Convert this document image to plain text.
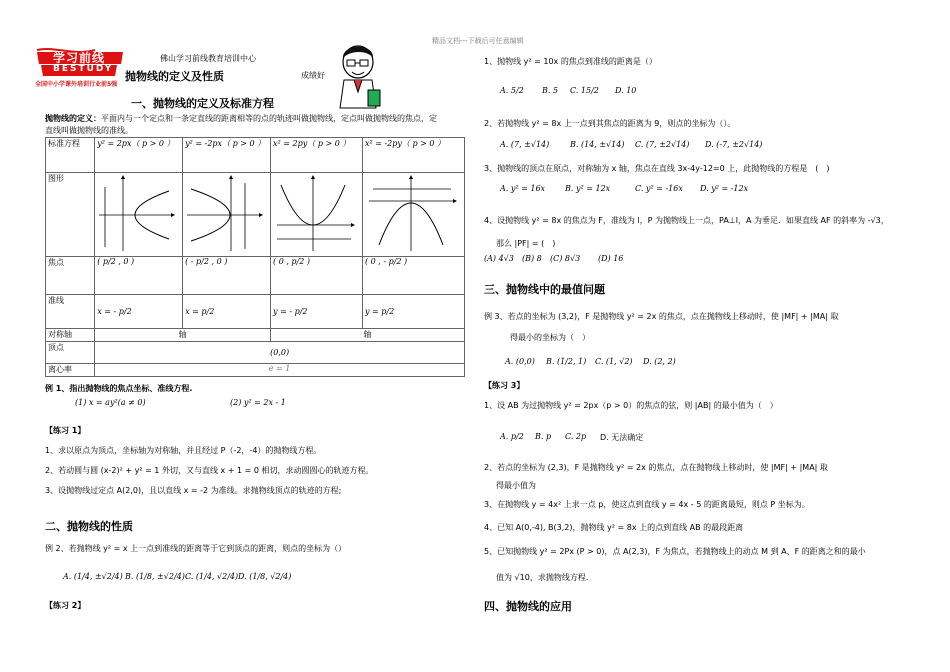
精品文档---下载后可任意编辑
学习前线
BESTUDY
全国中小学课外培训行业前5强
佛山学习前线教育培训中心
抛物线的定义及性质	成绩好
一、抛物线的定义及标准方程
抛物线的定义：平面内与一个定点和一条定直线的距离相等的点的轨迹叫做抛物线，定点叫做抛物线的焦点，定
直线叫做抛物线的准线。
标准方程	y² = 2px（ p > 0 ）	y² = -2px（ p > 0 ）	x² = 2py（ p > 0 ）	x² = -2py（ p > 0 ）
图形				
焦点	( p/2 , 0 )	( - p/2 , 0 )	( 0 , p/2 )	( 0 , - p/2 )
准线	x = - p/2	x = p/2	y = - p/2	y = p/2
对称轴	轴		轴	
顶点	(0,0)			
离心率	e = 1			
例 1、指出抛物线的焦点坐标、准线方程.
(1) x = ay²(a ≠ 0)	(2) y² = 2x - 1
【练习 1】
1、求以原点为顶点，坐标轴为对称轴，并且经过 P（-2，-4）的抛物线方程。
2、若动圆与圆 (x-2)² + y² = 1 外切，又与直线 x + 1 = 0 相切，求动圆圆心的轨迹方程。
3、设抛物线过定点 A(2,0)，且以直线 x = -2 为准线。求抛物线顶点的轨迹的方程;
二、抛物线的性质
例 2、若抛物线 y² = x 上一点到准线的距离等于它到顶点的距离，则点的坐标为（）
A. (1/4, ±√2/4) B. (1/8, ±√2/4) C. (1/4, √2/4) D. (1/8, √2/4)
【练习 2】
1、抛物线 y² = 10x 的焦点到准线的距离是（）
A. 5/2 B. 5 C. 15/2 D. 10
2、若抛物线 y² = 8x 上一点到其焦点的距离为 9，则点的坐标为（）。
A. (7, ±√14)	B. (14, ±√14) C. (7, ±2√14) D. (-7, ±2√14)
3、抛物线的顶点在原点，对称轴为 x 轴，焦点在直线 3x-4y-12=0 上，此抛物线的方程是　(　)
A. y² = 16x B. y² = 12x	C. y² = -16x D. y² = -12x
4、设抛物线 y² = 8x 的焦点为 F，准线为 l，P 为抛物线上一点，PA⊥l，A 为垂足．如果直线 AF 的斜率为 -√3，
那么 |PF| = (　)
(A) 4√3 (B) 8 (C) 8√3 (D) 16
三、抛物线中的最值问题
例 3、若点的坐标为 (3,2)，F 是抛物线 y² = 2x 的焦点，点在抛物线上移动时，使 |MF| + |MA| 取
得最小的坐标为（　）
A. (0,0) B. (1/2, 1) C. (1, √2) D. (2, 2)
【练习 3】
1、设 AB 为过抛物线 y² = 2px（p > 0）的焦点的弦，则 |AB| 的最小值为（　）
A. p/2 B. p C. 2p D. 无法确定
2、若点的坐标为 (2,3)，F 是抛物线 y² = 2x 的焦点，点在抛物线上移动时，使 |MF| + |MA| 取
得最小值为
3、在抛物线 y = 4x² 上求一点 p，使这点到直线 y = 4x - 5 的距离最短，则点 P 坐标为。
4、已知 A(0,-4), B(3,2)，抛物线 y² = 8x 上的点到直线 AB 的最段距离
5、已知抛物线 y² = 2Px (P > 0)，点 A(2,3)，F 为焦点，若抛物线上的动点 M 到 A、F 的距离之和的最小
值为 √10，求抛物线方程.
四、抛物线的应用
